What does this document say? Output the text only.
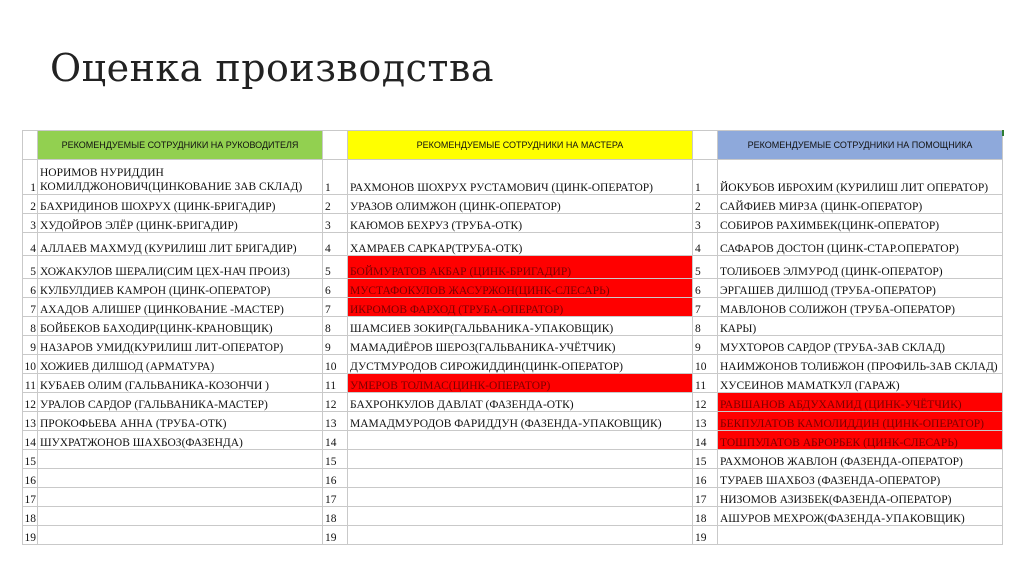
Оценка производства
	РЕКОМЕНДУЕМЫЕ СОТРУДНИКИ НА РУКОВОДИТЕЛЯ		РЕКОМЕНДУЕМЫЕ СОТРУДНИКИ НА МАСТЕРА		РЕКОМЕНДУЕМЫЕ СОТРУДНИКИ НА ПОМОЩНИКА
1	НОРИМОВ НУРИДДИН КОМИЛДЖОНОВИЧ(ЦИНКОВАНИЕ ЗАВ СКЛАД)	1	РАХМОНОВ ШОХРУХ РУСТАМОВИЧ (ЦИНК-ОПЕРАТОР)	1	ЙОКУБОВ ИБРОХИМ (КУРИЛИШ ЛИТ ОПЕРАТОР)
2	БАХРИДИНОВ ШОХРУХ (ЦИНК-БРИГАДИР)	2	УРАЗОВ ОЛИМЖОН (ЦИНК-ОПЕРАТОР)	2	САЙФИЕВ МИРЗА (ЦИНК-ОПЕРАТОР)
3	ХУДОЙРОВ ЭЛЁР (ЦИНК-БРИГАДИР)	3	КАЮМОВ БЕХРУЗ (ТРУБА-ОТК)	3	СОБИРОВ РАХИМБЕК(ЦИНК-ОПЕРАТОР)
4	АЛЛАЕВ МАХМУД (КУРИЛИШ ЛИТ БРИГАДИР)	4	ХАМРАЕВ САРКАР(ТРУБА-ОТК)	4	САФАРОВ ДОСТОН (ЦИНК-СТАР.ОПЕРАТОР)
5	ХОЖАКУЛОВ ШЕРАЛИ(СИМ ЦЕХ-НАЧ ПРОИЗ)	5	БОЙМУРАТОВ АКБАР (ЦИНК-БРИГАДИР)	5	ТОЛИБОЕВ ЭЛМУРОД (ЦИНК-ОПЕРАТОР)
6	КУЛБУЛДИЕВ КАМРОН (ЦИНК-ОПЕРАТОР)	6	МУСТАФОКУЛОВ ЖАСУРЖОН(ЦИНК-СЛЕСАРЬ)	6	ЭРГАШЕВ ДИЛШОД (ТРУБА-ОПЕРАТОР)
7	АХАДОВ АЛИШЕР (ЦИНКОВАНИЕ -МАСТЕР)	7	ИКРОМОВ ФАРХОД (ТРУБА-ОПЕРАТОР)	7	МАВЛОНОВ СОЛИЖОН (ТРУБА-ОПЕРАТОР)
8	БОЙБЕКОВ БАХОДИР(ЦИНК-КРАНОВЩИК)	8	ШАМСИЕВ ЗОКИР(ГАЛЬВАНИКА-УПАКОВЩИК)	8	КАРЫ)
9	НАЗАРОВ УМИД(КУРИЛИШ ЛИТ-ОПЕРАТОР)	9	МАМАДИЁРОВ ШЕРОЗ(ГАЛЬВАНИКА-УЧЁТЧИК)	9	МУХТОРОВ САРДОР (ТРУБА-ЗАВ СКЛАД)
10	ХОЖИЕВ ДИЛШОД (АРМАТУРА)	10	ДУСТМУРОДОВ СИРОЖИДДИН(ЦИНК-ОПЕРАТОР)	10	НАИМЖОНОВ ТОЛИБЖОН (ПРОФИЛЬ-ЗАВ СКЛАД)
11	КУБАЕВ ОЛИМ (ГАЛЬВАНИКА-КОЗОНЧИ )	11	УМЕРОВ ТОЛМАС(ЦИНК-ОПЕРАТОР)	11	ХУСЕИНОВ МАМАТКУЛ (ГАРАЖ)
12	УРАЛОВ САРДОР (ГАЛЬВАНИКА-МАСТЕР)	12	БАХРОНКУЛОВ ДАВЛАТ (ФАЗЕНДА-ОТК)	12	РАВШАНОВ АБДУХАМИД (ЦИНК-УЧЁТЧИК)
13	ПРОКОФЬЕВА АННА (ТРУБА-ОТК)	13	МАМАДМУРОДОВ ФАРИДДУН (ФАЗЕНДА-УПАКОВЩИК)	13	БЕКПУЛАТОВ КАМОЛИДДИН (ЦИНК-ОПЕРАТОР)
14	ШУХРАТЖОНОВ ШАХБОЗ(ФАЗЕНДА)	14		14	ТОШПУЛАТОВ АБРОРБЕК (ЦИНК-СЛЕСАРЬ)
15		15		15	РАХМОНОВ ЖАВЛОН (ФАЗЕНДА-ОПЕРАТОР)
16		16		16	ТУРАЕВ ШАХБОЗ (ФАЗЕНДА-ОПЕРАТОР)
17		17		17	НИЗОМОВ АЗИЗБЕК(ФАЗЕНДА-ОПЕРАТОР)
18		18		18	АШУРОВ МЕХРОЖ(ФАЗЕНДА-УПАКОВЩИК)
19		19		19	
